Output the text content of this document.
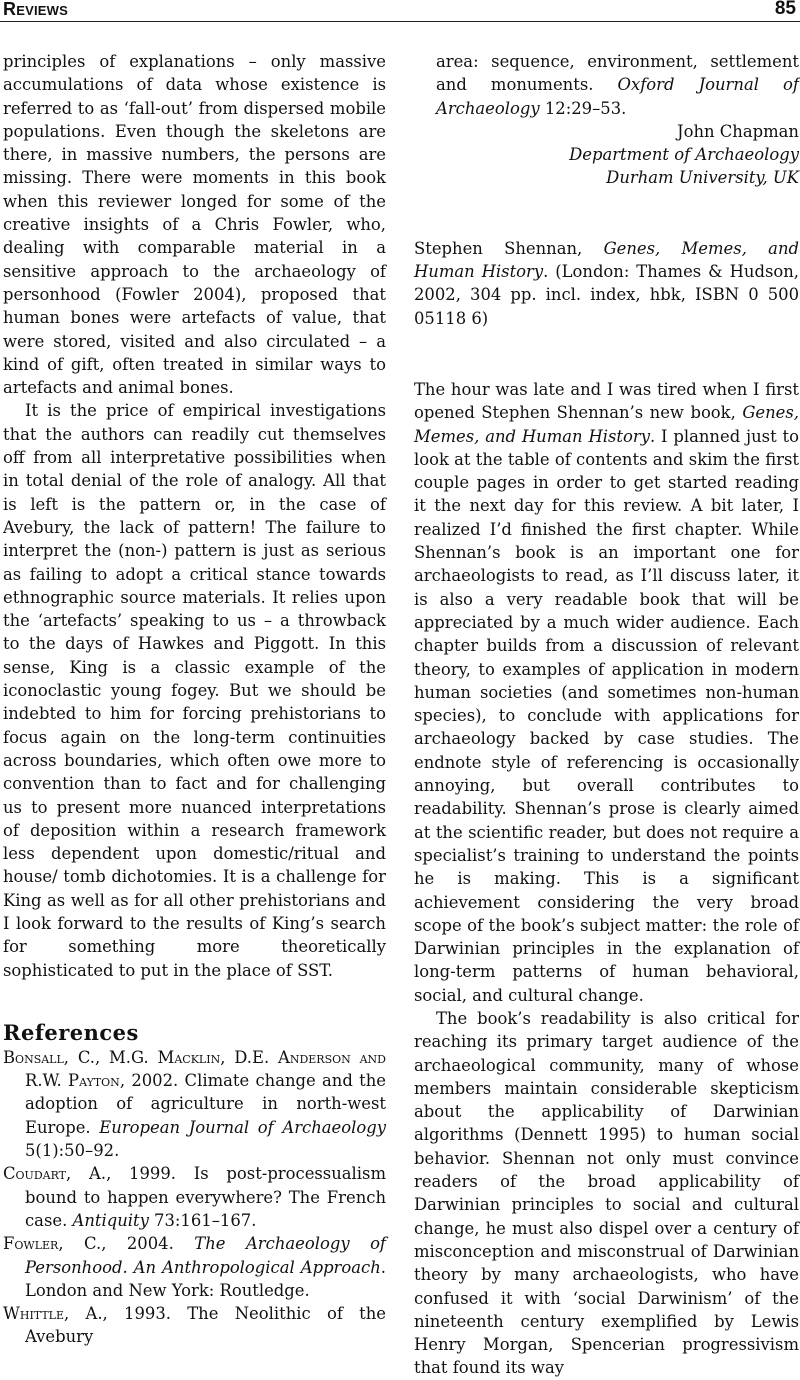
Reviews	85

principles of explanations – only massive accumulations of data whose existence is referred to as ‘fall-out’ from dispersed mobile populations. Even though the skeletons are there, in massive numbers, the persons are missing. There were moments in this book when this reviewer longed for some of the creative insights of a Chris Fowler, who, dealing with comparable material in a sensitive approach to the archaeology of personhood (Fowler 2004), proposed that human bones were artefacts of value, that were stored, visited and also circulated – a kind of gift, often treated in similar ways to artefacts and animal bones.

It is the price of empirical investigations that the authors can readily cut themselves off from all interpretative possibilities when in total denial of the role of analogy. All that is left is the pattern or, in the case of Avebury, the lack of pattern! The failure to interpret the (non-) pattern is just as serious as failing to adopt a critical stance towards ethnographic source materials. It relies upon the ‘artefacts’ speaking to us – a throwback to the days of Hawkes and Piggott. In this sense, King is a classic example of the iconoclastic young fogey. But we should be indebted to him for forcing prehistorians to focus again on the long-term continuities across boundaries, which often owe more to convention than to fact and for challenging us to present more nuanced interpretations of deposition within a research framework less dependent upon domestic/ritual and house/ tomb dichotomies. It is a challenge for King as well as for all other prehistorians and I look forward to the results of King’s search for something more theoretically sophisticated to put in the place of SST.

References

Bonsall, C., M.G. Macklin, D.E. Anderson and R.W. Payton, 2002. Climate change and the adoption of agriculture in north-west Europe. European Journal of Archaeology 5(1):50–92.

Coudart, A., 1999. Is post-processualism bound to happen everywhere? The French case. Antiquity 73:161–167.

Fowler, C., 2004. The Archaeology of Personhood. An Anthropological Approach. London and New York: Routledge.

Whittle, A., 1993. The Neolithic of the Avebury

area: sequence, environment, settlement and monuments. Oxford Journal of Archaeology 12:29–53.

John Chapman

Department of Archaeology

Durham University, UK

Stephen Shennan, Genes, Memes, and Human History. (London: Thames & Hudson, 2002, 304 pp. incl. index, hbk, ISBN 0 500 05118 6)

The hour was late and I was tired when I first opened Stephen Shennan’s new book, Genes, Memes, and Human History. I planned just to look at the table of contents and skim the first couple pages in order to get started reading it the next day for this review. A bit later, I realized I’d finished the first chapter. While Shennan’s book is an important one for archaeologists to read, as I’ll discuss later, it is also a very readable book that will be appreciated by a much wider audience. Each chapter builds from a discussion of relevant theory, to examples of application in modern human societies (and sometimes non-human species), to conclude with applications for archaeology backed by case studies. The endnote style of referencing is occasionally annoying, but overall contributes to readability. Shennan’s prose is clearly aimed at the scientific reader, but does not require a specialist’s training to understand the points he is making. This is a significant achievement considering the very broad scope of the book’s subject matter: the role of Darwinian principles in the explanation of long-term patterns of human behavioral, social, and cultural change.

The book’s readability is also critical for reaching its primary target audience of the archaeological community, many of whose members maintain considerable skepticism about the applicability of Darwinian algorithms (Dennett 1995) to human social behavior. Shennan not only must convince readers of the broad applicability of Darwinian principles to social and cultural change, he must also dispel over a century of misconception and misconstrual of Darwinian theory by many archaeologists, who have confused it with ‘social Darwinism’ of the nineteenth century exemplified by Lewis Henry Morgan, Spencerian progressivism that found its way
